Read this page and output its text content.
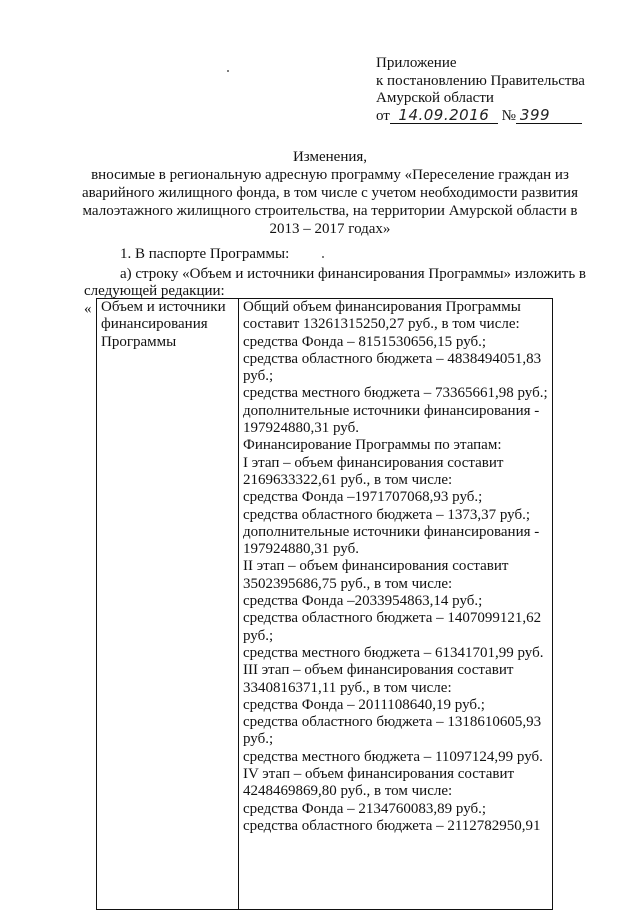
Приложение
к постановлению Правительства
Амурской области
от 14.09.2016 № 399
Изменения,
вносимые в региональную адресную программу «Переселение граждан из
аварийного жилищного фонда, в том числе с учетом необходимости развития
малоэтажного жилищного строительства, на территории Амурской области в
2013 – 2017 годах»
1. В паспорте Программы:
а) строку «Объем и источники финансирования Программы» изложить в
следующей редакции:
« Объем и источники
финансирования
Программы

Общий объем финансирования Программы
составит 13261315250,27 руб., в том числе:
средства Фонда – 8151530656,15 руб.;
средства областного бюджета – 4838494051,83
руб.;
средства местного бюджета – 73365661,98 руб.;
дополнительные источники финансирования -
197924880,31 руб.
Финансирование Программы по этапам:
I этап – объем финансирования составит
2169633322,61 руб., в том числе:
средства Фонда –1971707068,93 руб.;
средства областного бюджета – 1373,37 руб.;
дополнительные источники финансирования -
197924880,31 руб.
II этап – объем финансирования составит
3502395686,75 руб., в том числе:
средства Фонда –2033954863,14 руб.;
средства областного бюджета – 1407099121,62
руб.;
средства местного бюджета – 61341701,99 руб.
III этап – объем финансирования составит
3340816371,11 руб., в том числе:
средства Фонда – 2011108640,19 руб.;
средства областного бюджета – 1318610605,93
руб.;
средства местного бюджета – 11097124,99 руб.
IV этап – объем финансирования составит
4248469869,80 руб., в том числе:
средства Фонда – 2134760083,89 руб.;
средства областного бюджета – 2112782950,91
